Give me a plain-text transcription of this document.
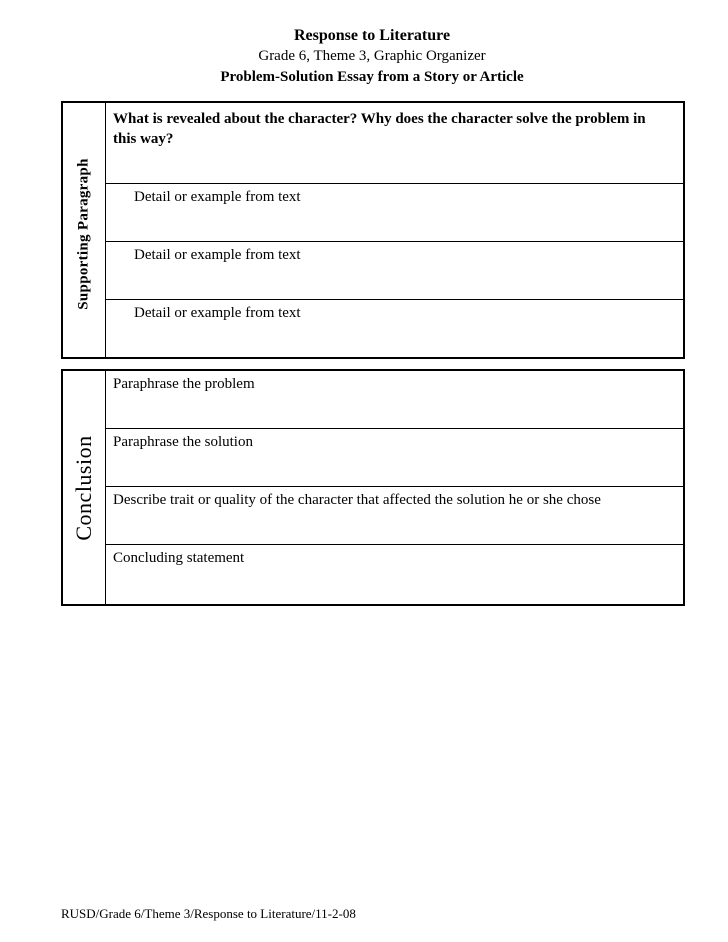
Response to Literature
Grade 6, Theme 3, Graphic Organizer
Problem-Solution Essay from a Story or Article
Supporting Paragraph
What is revealed about the character? Why does the character solve the problem in this way?
Detail or example from text
Detail or example from text
Detail or example from text
Conclusion
Paraphrase the problem
Paraphrase the solution
Describe trait or quality of the character that affected the solution he or she chose
Concluding statement
RUSD/Grade 6/Theme 3/Response to Literature/11-2-08
